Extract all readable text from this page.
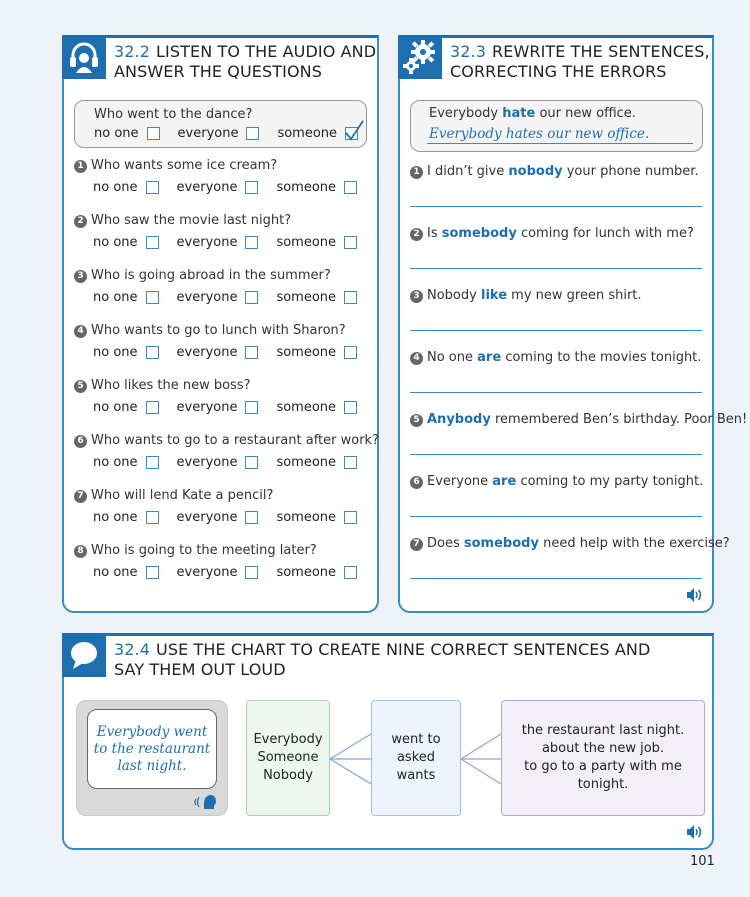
32.2 LISTEN TO THE AUDIO AND
ANSWER THE QUESTIONS
Who went to the dance?
no one	everyone	someone
1 Who wants some ice cream?
no one	everyone	someone
2 Who saw the movie last night?
no one	everyone	someone
3 Who is going abroad in the summer?
no one	everyone	someone
4 Who wants to go to lunch with Sharon?
no one	everyone	someone
5 Who likes the new boss?
no one	everyone	someone
6 Who wants to go to a restaurant after work?
no one	everyone	someone
7 Who will lend Kate a pencil?
no one	everyone	someone
8 Who is going to the meeting later?
no one	everyone	someone
32.3 REWRITE THE SENTENCES,
CORRECTING THE ERRORS
Everybody hate our new office.
Everybody hates our new office.
1 I didn’t give nobody your phone number.
2 Is somebody coming for lunch with me?
3 Nobody like my new green shirt.
4 No one are coming to the movies tonight.
5 Anybody remembered Ben’s birthday. Poor Ben!
6 Everyone are coming to my party tonight.
7 Does somebody need help with the exercise?
32.4 USE THE CHART TO CREATE NINE CORRECT SENTENCES AND SAY THEM OUT LOUD
Everybody went
to the restaurant
last night.
Everybody
Someone
Nobody
went to
asked
wants
the restaurant last night.
about the new job.
to go to a party with me tonight.
101
